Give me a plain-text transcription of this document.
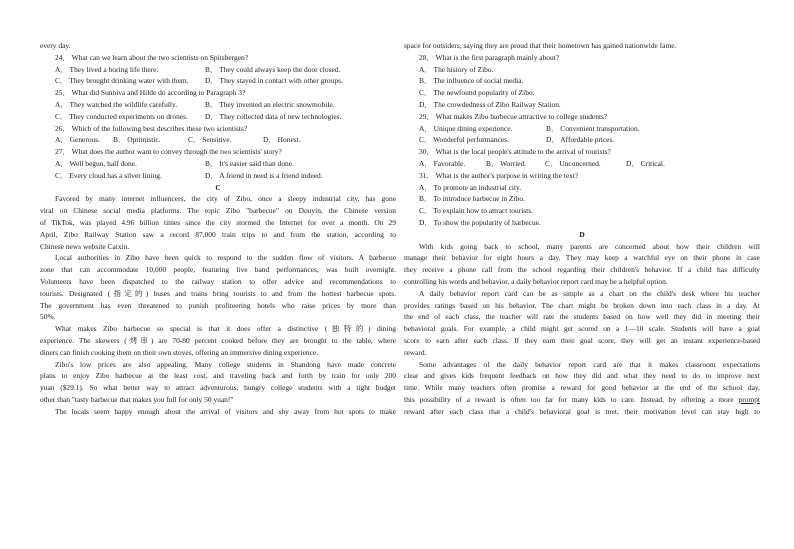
every day.
24． What can we learn about the two scientists on Spitsbergen?
A． They lived a boring life there.	B． They could always keep the door closed.
C． They brought drinking water with them.	D． They stayed in contact with other groups.
25． What did Sunniva and Hilde do according to Paragraph 3?
A． They watched the wildlife carefully.	B． They invented an electric snowmobile.
C． They conducted experiments on drones.	D． They collected data of new technologies.
26． Which of the following best describes these two scientists?
A． Generous.	B． Optimistic.	C． Sensitive.	D． Honest.
27． What does the author want to convey through the two scientists' story?
A． Well begun, half done.	B． It's easier said than done.
C． Every cloud has a silver lining.	D． A friend in need is a friend indeed.
C
Favored by many internet influencers, the city of Zibo, once a sleepy industrial city, has gone
viral on Chinese social media platforms. The topic Zibo "barbecue" on Douyin, the Chinese version
of TikTok, was played 4.96 billion times since the city stormed the Internet for over a month. On 29
April, Zibo Railway Station saw a record 87,000 train trips to and from the station, according to
Chinese news website Caixin.
Local authorities in Zibo have been quick to respond to the sudden flow of visitors. A barbecue
zone that can accommodate 10,000 people, featuring live band performances, was built overnight.
Volunteers have been dispatched to the railway station to offer advice and recommendations to
tourists. Designated (指定的) buses and trains bring tourists to and from the hottest barbecue spots.
The government has even threatened to punish profiteering hotels who raise prices by more than
50%.
What makes Zibo barbecue so special is that it does offer a distinctive (独特的) dining
experience. The skewers (烤串) are 70-80 percent cooked before they are brought to the table, where
diners can finish cooking them on their own stoves, offering an immersive dining experience.
Zibo's low prices are also appealing. Many college students in Shandong have made concrete
plans to enjoy Zibo barbecue at the least cost, and traveling back and forth by train for only 200
yuan ($29.1). So what better way to attract adventurous, hungry college students with a tight budget
other than "tasty barbecue that makes you full for only 50 yuan!"
The locals seem happy enough about the arrival of visitors and shy away from hot spots to make
space for outsiders, saying they are proud that their hometown has gained nationwide fame.
28． What is the first paragraph mainly about?
A． The history of Zibo.
B． The influence of social media.
C． The newfound popularity of Zibo.
D． The crowdedness of Zibo Railway Station.
29． What makes Zibo barbecue attractive to college students?
A． Unique dining experience.	B． Convenient transportation.
C． Wonderful performances.	D． Affordable prices.
30． What is the local people's attitude to the arrival of tourists?
A． Favorable.	B． Worried.	C． Unconcerned.	D． Critical.
31． What is the author's purpose in writing the text?
A． To promote an industrial city.
B． To introduce barbecue in Zibo.
C． To explain how to attract tourists.
D． To show the popularity of barbecue.
D
With kids going back to school, many parents are concerned about how their children will
manage their behavior for eight hours a day. They may keep a watchful eye on their phone in case
they receive a phone call from the school regarding their children's behavior. If a child has difficulty
controlling his words and behavior, a daily behavior report card may be a helpful option.
A daily behavior report card can be as simple as a chart on the child's desk where his teacher
provides ratings based on his behavior. The chart might be broken down into each class in a day. At
the end of each class, the teacher will rate the students based on how well they did in meeting their
behavioral goals. For example, a child might get scored on a 1—10 scale. Students will have a goal
score to earn after each class. If they earn their goal score, they will get an instant experience-based
reward.
Some advantages of the daily behavior report card are that it makes classroom expectations
clear and gives kids frequent feedback on how they did and what they need to do to improve next
time. While many teachers often promise a reward for good behavior at the end of the school day,
this possibility of a reward is often too far for many kids to care. Instead, by offering a more prompt
reward after each class that a child's behavioral goal is met, their motivation level can stay high to
